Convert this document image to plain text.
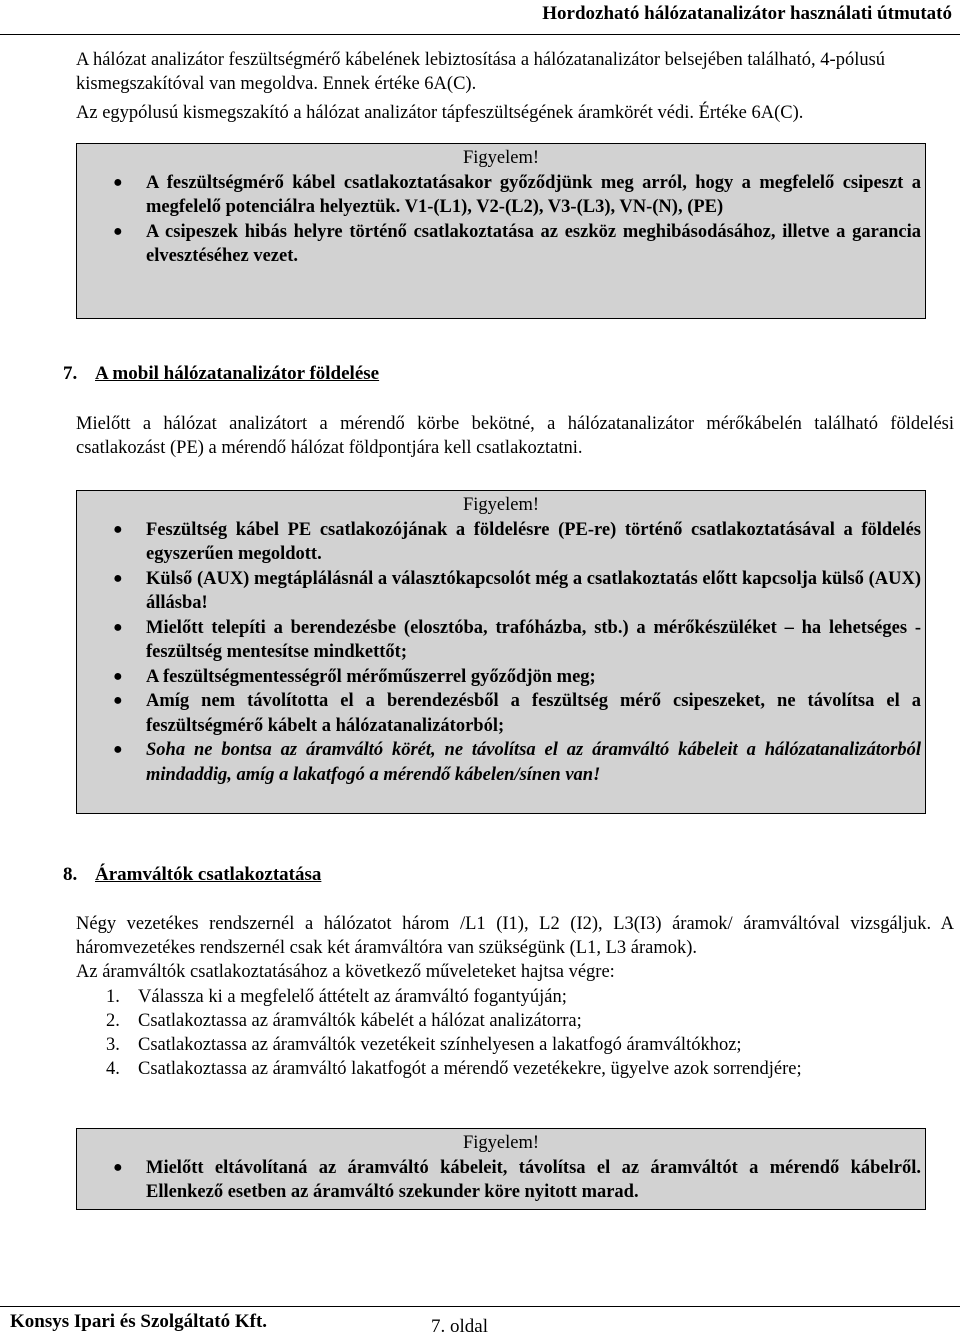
Hordozható hálózatanalizátor használati útmutató

A hálózat analizátor feszültségmérő kábelének lebiztosítása a hálózatanalizátor belsejében található, 4-pólusú kismegszakítóval van megoldva. Ennek értéke 6A(C).

Az egypólusú kismegszakító a hálózat analizátor tápfeszültségének áramkörét védi. Értéke 6A(C).

Figyelem!
● A feszültségmérő kábel csatlakoztatásakor győződjünk meg arról, hogy a megfelelő csipeszt a megfelelő potenciálra helyeztük. V1-(L1), V2-(L2), V3-(L3), VN-(N), (PE)
● A csipeszek hibás helyre történő csatlakoztatása az eszköz meghibásodásához, illetve a garancia elvesztéséhez vezet.
7. A mobil hálózatanalizátor földelése

Mielőtt a hálózat analizátort a mérendő körbe bekötné, a hálózatanalizátor mérőkábelén található földelési csatlakozást (PE) a mérendő hálózat földpontjára kell csatlakoztatni.

Figyelem!
● Feszültség kábel PE csatlakozójának a földelésre (PE-re) történő csatlakoztatásával a földelés egyszerűen megoldott.
● Külső (AUX) megtáplálásnál a választókapcsolót még a csatlakoztatás előtt kapcsolja külső (AUX) állásba!
● Mielőtt telepíti a berendezésbe (elosztóba, trafóházba, stb.) a mérőkészüléket – ha lehetséges - feszültség mentesítse mindkettőt;
● A feszültségmentességről mérőműszerrel győződjön meg;
● Amíg nem távolította el a berendezésből a feszültség mérő csipeszeket, ne távolítsa el a feszültségmérő kábelt a hálózatanalizátorból;
● Soha ne bontsa az áramváltó körét, ne távolítsa el az áramváltó kábeleit a hálózatanalizátorból mindaddig, amíg a lakatfogó a mérendő kábelen/sínen van!
8. Áramváltók csatlakoztatása

Négy vezetékes rendszernél a hálózatot három /L1 (I1), L2 (I2), L3(I3) áramok/ áramváltóval vizsgáljuk. A háromvezetékes rendszernél csak két áramváltóra van szükségünk (L1, L3 áramok).

Az áramváltók csatlakoztatásához a következő műveleteket hajtsa végre:

1. Válassza ki a megfelelő áttételt az áramváltó fogantyúján;
2. Csatlakoztassa az áramváltók kábelét a hálózat analizátorra;
3. Csatlakoztassa az áramváltók vezetékeit színhelyesen a lakatfogó áramváltókhoz;
4. Csatlakoztassa az áramváltó lakatfogót a mérendő vezetékekre, ügyelve azok sorrendjére;
Figyelem!
● Mielőtt eltávolítaná az áramváltó kábeleit, távolítsa el az áramváltót a mérendő kábelről. Ellenkező esetben az áramváltó szekunder köre nyitott marad.
Konsys Ipari és Szolgáltató Kft.	7. oldal
